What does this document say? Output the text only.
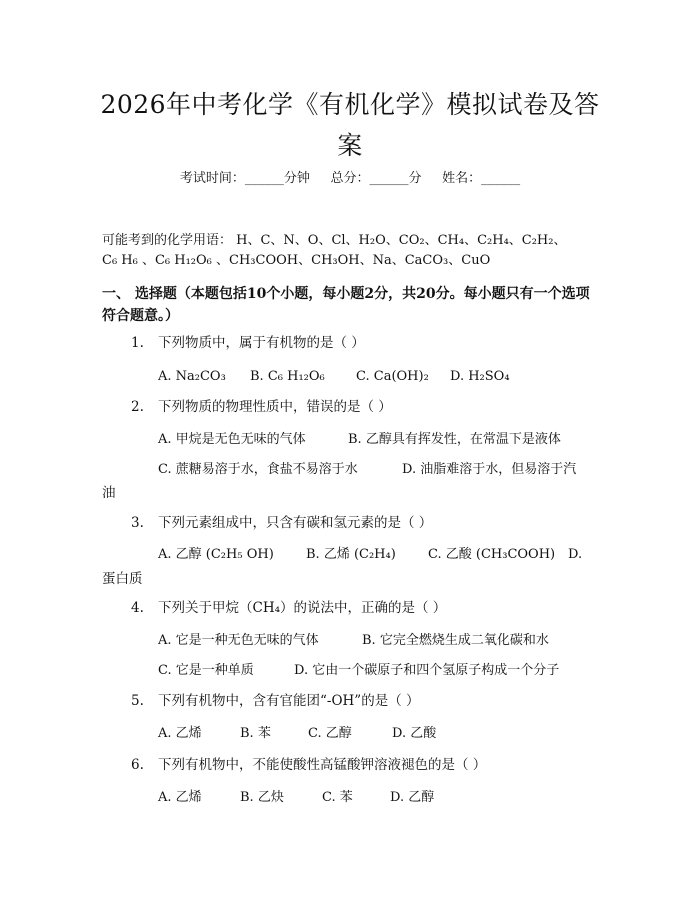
2026年中考化学《有机化学》模拟试卷及答
案
考试时间：______分钟     总分：______分     姓名：______
可能考到的化学用语： H、C、N、O、Cl、H₂O、CO₂、CH₄、C₂H₄、C₂H₂、
C₆ H₆ 、C₆ H₁₂O₆ 、CH₃COOH、CH₃OH、Na、CaCO₃、CuO
一、 选择题（本题包括10个小题，每小题2分，共20分。每小题只有一个选项
符合题意。）
1. 下列物质中，属于有机物的是（ ）
A. Na₂CO₃ B. C₆ H₁₂O₆ C. Ca(OH)₂ D. H₂SO₄
2. 下列物质的物理性质中，错误的是（ ）
A. 甲烷是无色无味的气体	B. 乙醇具有挥发性，在常温下是液体
C. 蔗糖易溶于水，食盐不易溶于水	D. 油脂难溶于水，但易溶于汽
油
3. 下列元素组成中，只含有碳和氢元素的是（ ）
A. 乙醇 (C₂H₅ OH) B. 乙烯 (C₂H₄) C. 乙酸 (CH₃COOH) D.
蛋白质
4. 下列关于甲烷（CH₄）的说法中，正确的是（ ）
A. 它是一种无色无味的气体	B. 它完全燃烧生成二氧化碳和水
C. 它是一种单质	D. 它由一个碳原子和四个氢原子构成一个分子
5. 下列有机物中，含有官能团“-OH”的是（ ）
A. 乙烯	B. 苯	C. 乙醇	D. 乙酸
6. 下列有机物中，不能使酸性高锰酸钾溶液褪色的是（ ）
A. 乙烯	B. 乙炔	C. 苯	D. 乙醇
